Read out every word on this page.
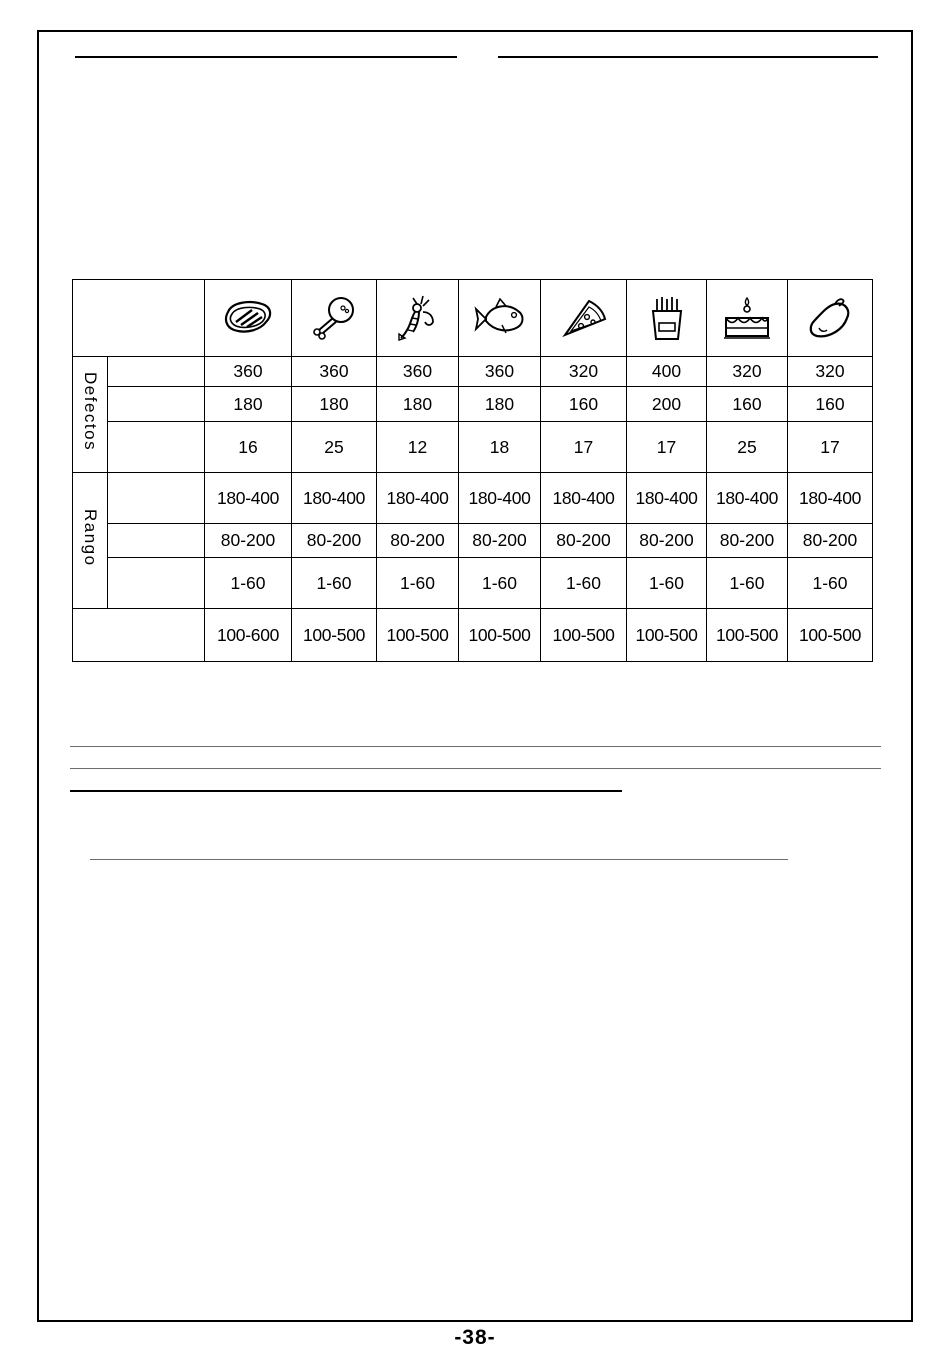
Defectos		360	360	360	360	320	400	320	320
		180	180	180	180	160	200	160	160
		16	25	12	18	17	17	25	17
Rango		180-400	180-400	180-400	180-400	180-400	180-400	180-400	180-400
		80-200	80-200	80-200	80-200	80-200	80-200	80-200	80-200
		1-60	1-60	1-60	1-60	1-60	1-60	1-60	1-60
		100-600	100-500	100-500	100-500	100-500	100-500	100-500	100-500
-38-
